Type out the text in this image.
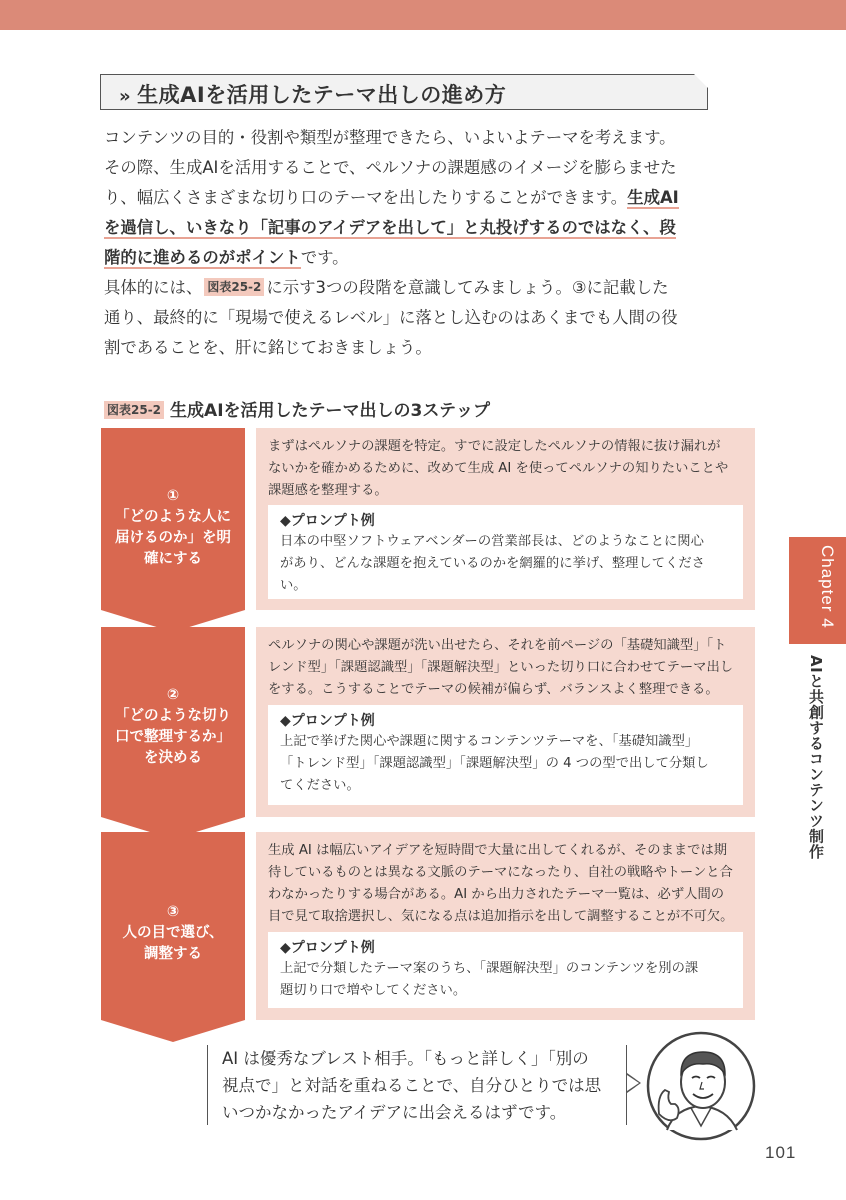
» 生成AIを活用したテーマ出しの進め方
コンテンツの目的・役割や類型が整理できたら、いよいよテーマを考えます。
その際、生成AIを活用することで、ペルソナの課題感のイメージを膨らませた
り、幅広くさまざまな切り口のテーマを出したりすることができます。生成AI
を過信し、いきなり「記事のアイデアを出して」と丸投げするのではなく、段
階的に進めるのがポイントです。
具体的には、 図表25-2 に示す3つの段階を意識してみましょう。③に記載した
通り、最終的に「現場で使えるレベル」に落とし込むのはあくまでも人間の役
割であることを、肝に銘じておきましょう。
図表25-2 生成AIを活用したテーマ出しの3ステップ
①
「どのような人に
届けるのか」を明
確にする
まずはペルソナの課題を特定。すでに設定したペルソナの情報に抜け漏れが
ないかを確かめるために、改めて生成 AI を使ってペルソナの知りたいことや
課題感を整理する。
◆プロンプト例
日本の中堅ソフトウェアベンダーの営業部長は、どのようなことに関心
があり、どんな課題を抱えているのかを網羅的に挙げ、整理してくださ
い。
②
「どのような切り
口で整理するか」
を決める
ペルソナの関心や課題が洗い出せたら、それを前ページの「基礎知識型」「ト
レンド型」「課題認識型」「課題解決型」といった切り口に合わせてテーマ出し
をする。こうすることでテーマの候補が偏らず、バランスよく整理できる。
◆プロンプト例
上記で挙げた関心や課題に関するコンテンツテーマを、「基礎知識型」
「トレンド型」「課題認識型」「課題解決型」の 4 つの型で出して分類し
てください。
③
人の目で選び、
調整する
生成 AI は幅広いアイデアを短時間で大量に出してくれるが、そのままでは期
待しているものとは異なる文脈のテーマになったり、自社の戦略やトーンと合
わなかったりする場合がある。AI から出力されたテーマ一覧は、必ず人間の
目で見て取捨選択し、気になる点は追加指示を出して調整することが不可欠。
◆プロンプト例
上記で分類したテーマ案のうち、「課題解決型」のコンテンツを別の課
題切り口で増やしてください。
Chapter 4
AIと共創するコンテンツ制作
AI は優秀なブレスト相手。「もっと詳しく」「別の
視点で」と対話を重ねることで、自分ひとりでは思
いつかなかったアイデアに出会えるはずです。
101
